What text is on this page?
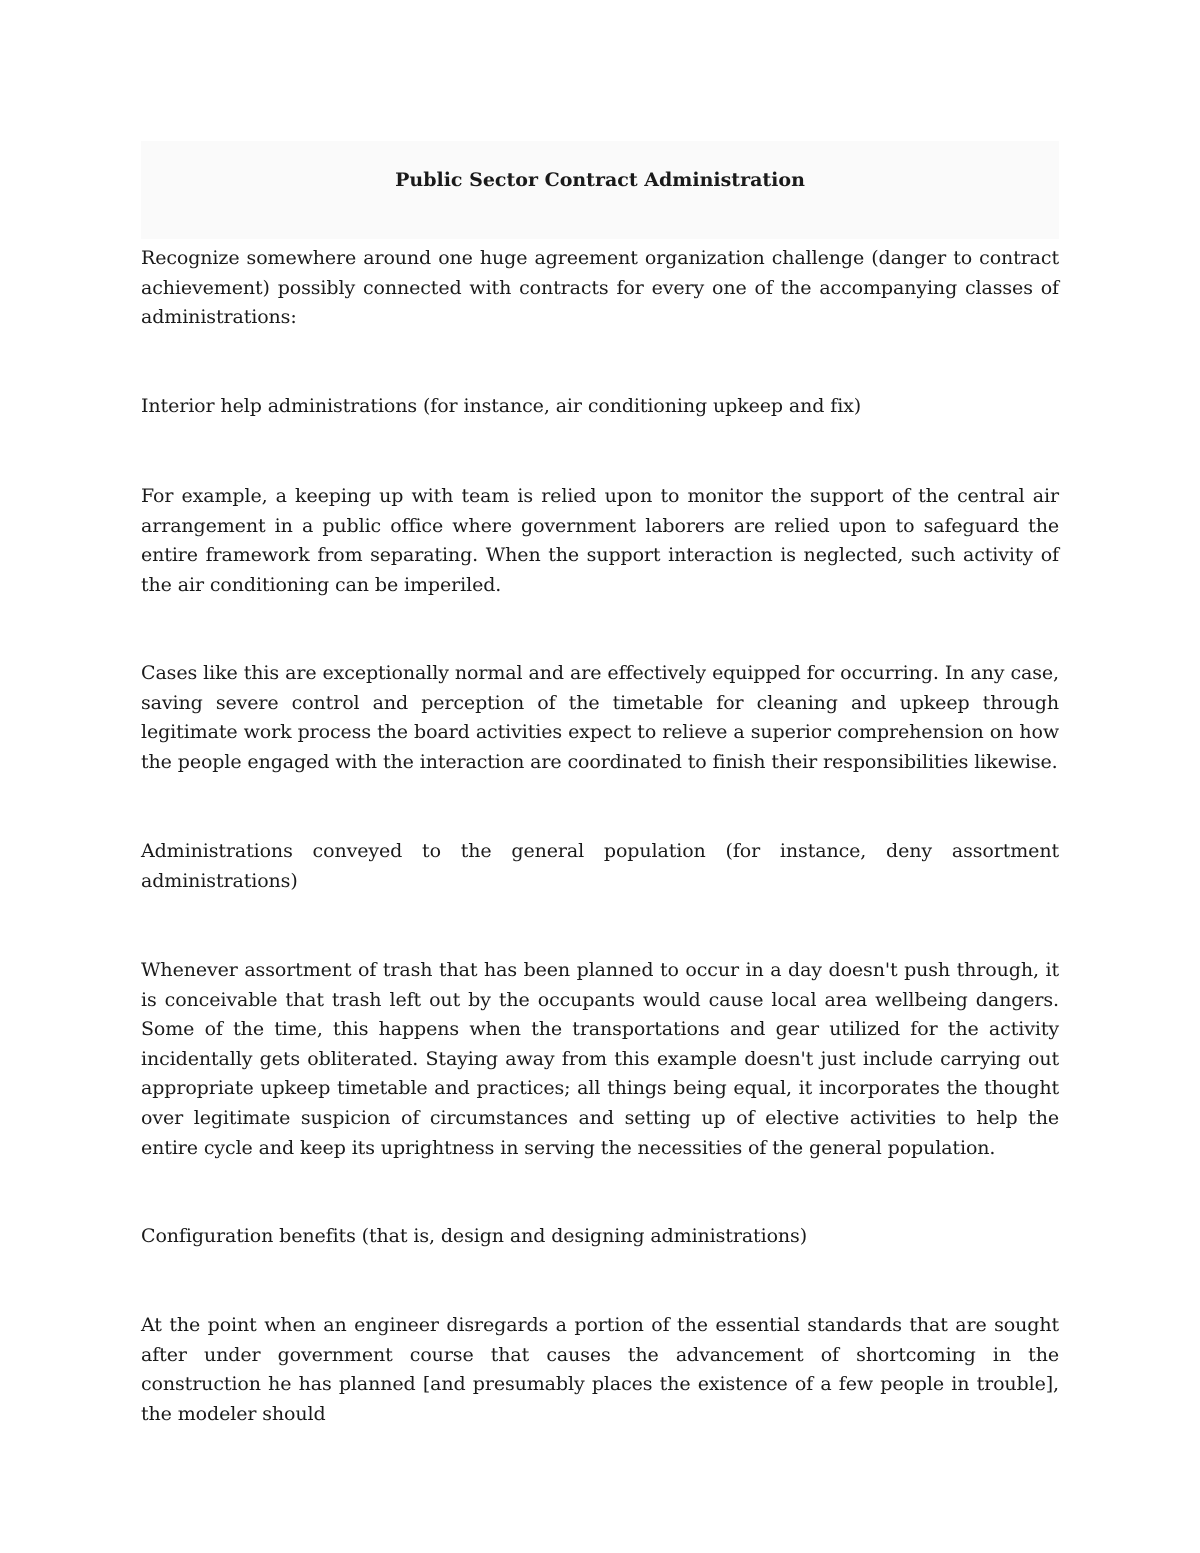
Public Sector Contract Administration

Recognize somewhere around one huge agreement organization challenge (danger to contract achievement) possibly connected with contracts for every one of the accompanying classes of administrations:

Interior help administrations (for instance, air conditioning upkeep and fix)

For example, a keeping up with team is relied upon to monitor the support of the central air arrangement in a public office where government laborers are relied upon to safeguard the entire framework from separating. When the support interaction is neglected, such activity of the air conditioning can be imperiled.

Cases like this are exceptionally normal and are effectively equipped for occurring. In any case, saving severe control and perception of the timetable for cleaning and upkeep through legitimate work process the board activities expect to relieve a superior comprehension on how the people engaged with the interaction are coordinated to finish their responsibilities likewise.

Administrations conveyed to the general population (for instance, deny assortment administrations)

Whenever assortment of trash that has been planned to occur in a day doesn't push through, it is conceivable that trash left out by the occupants would cause local area wellbeing dangers. Some of the time, this happens when the transportations and gear utilized for the activity incidentally gets obliterated. Staying away from this example doesn't just include carrying out appropriate upkeep timetable and practices; all things being equal, it incorporates the thought over legitimate suspicion of circumstances and setting up of elective activities to help the entire cycle and keep its uprightness in serving the necessities of the general population.

Configuration benefits (that is, design and designing administrations)

At the point when an engineer disregards a portion of the essential standards that are sought after under government course that causes the advancement of shortcoming in the construction he has planned [and presumably places the existence of a few people in trouble], the modeler should
